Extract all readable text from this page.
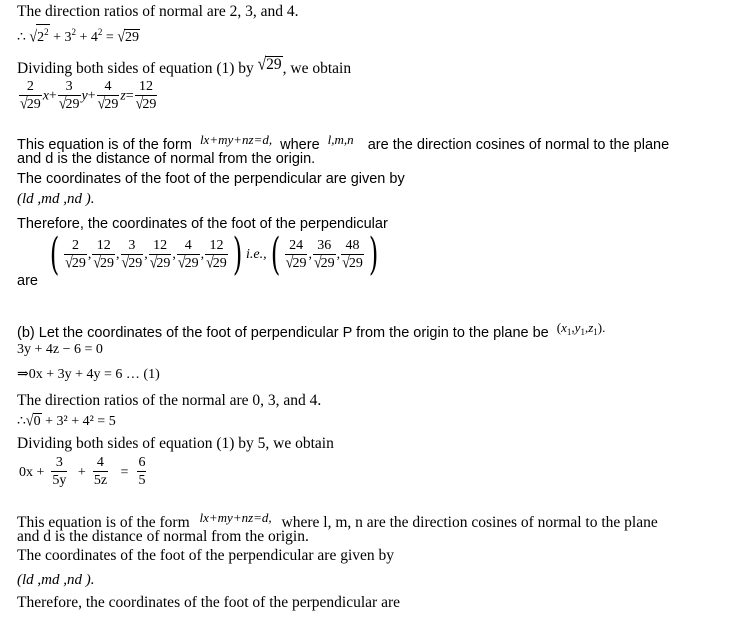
The direction ratios of normal are 2, 3, and 4.
∴ $√2^2 + 3^2 + 4^2 = √29$
Dividing both sides of equation (1) by √29, we obtain
$\frac{2}{√29} x+ \frac{3}{√29} y+ \frac{4}{√29} z= \frac{12}{√29}$
This equation is of the form lx+my+nz=d, where l,m,n are the direction cosines of normal to the plane
and d is the distance of normal from the origin.
The coordinates of the foot of the perpendicular are given by
(ld ,md ,nd ).
Therefore, the coordinates of the foot of the perpendicular
are
( $\frac{2}{√29}$ , $\frac{12}{√29}$ , $\frac{3}{√29}$ , $\frac{12}{√29}$ , $\frac{4}{√29}$ , $\frac{12}{√29}$ ) $i.e.,( \frac{24}{√29}$ , $\frac{36}{√29}$ , $\frac{48}{√29}$ )
(b) Let the coordinates of the foot of perpendicular P from the origin to the plane be $(x_1,y_1,z_1)$.
3y + 4z − 6 = 0
⇒0x + 3y + 4y = 6 … (1)
The direction ratios of the normal are 0, 3, and 4.
∴√0 + 3² + 4² = 5
Dividing both sides of equation (1) by 5, we obtain
$0x + \frac{3}{5y} + \frac{4}{5z} = \frac{6}{5}$
This equation is of the form $^{lx+my+nz=d,}$ where l, m, n are the direction cosines of normal to the plane
and d is the distance of normal from the origin.
The coordinates of the foot of the perpendicular are given by
(ld ,md ,nd ).
Therefore, the coordinates of the foot of the perpendicular are
